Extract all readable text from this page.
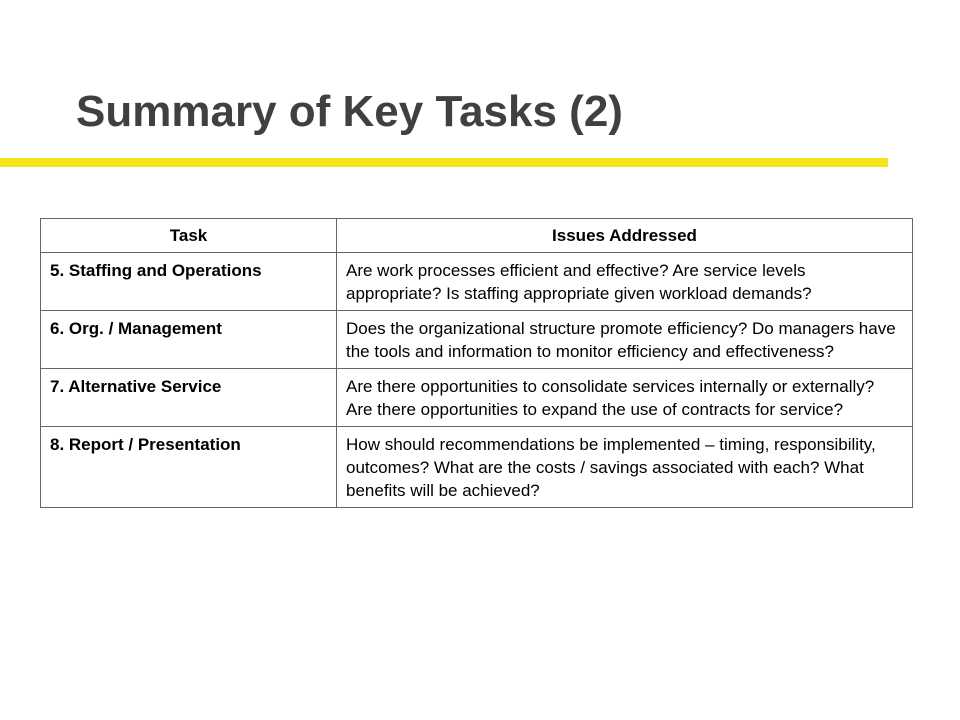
Summary of Key Tasks (2)
Task	Issues Addressed
5. Staffing and Operations	Are work processes efficient and effective? Are service levels appropriate? Is staffing appropriate given workload demands?
6. Org. / Management	Does the organizational structure promote efficiency? Do managers have the tools and information to monitor efficiency and effectiveness?
7. Alternative Service	Are there opportunities to consolidate services internally or externally? Are there opportunities to expand the use of contracts for service?
8. Report / Presentation	How should recommendations be implemented – timing, responsibility, outcomes? What are the costs / savings associated with each? What benefits will be achieved?
